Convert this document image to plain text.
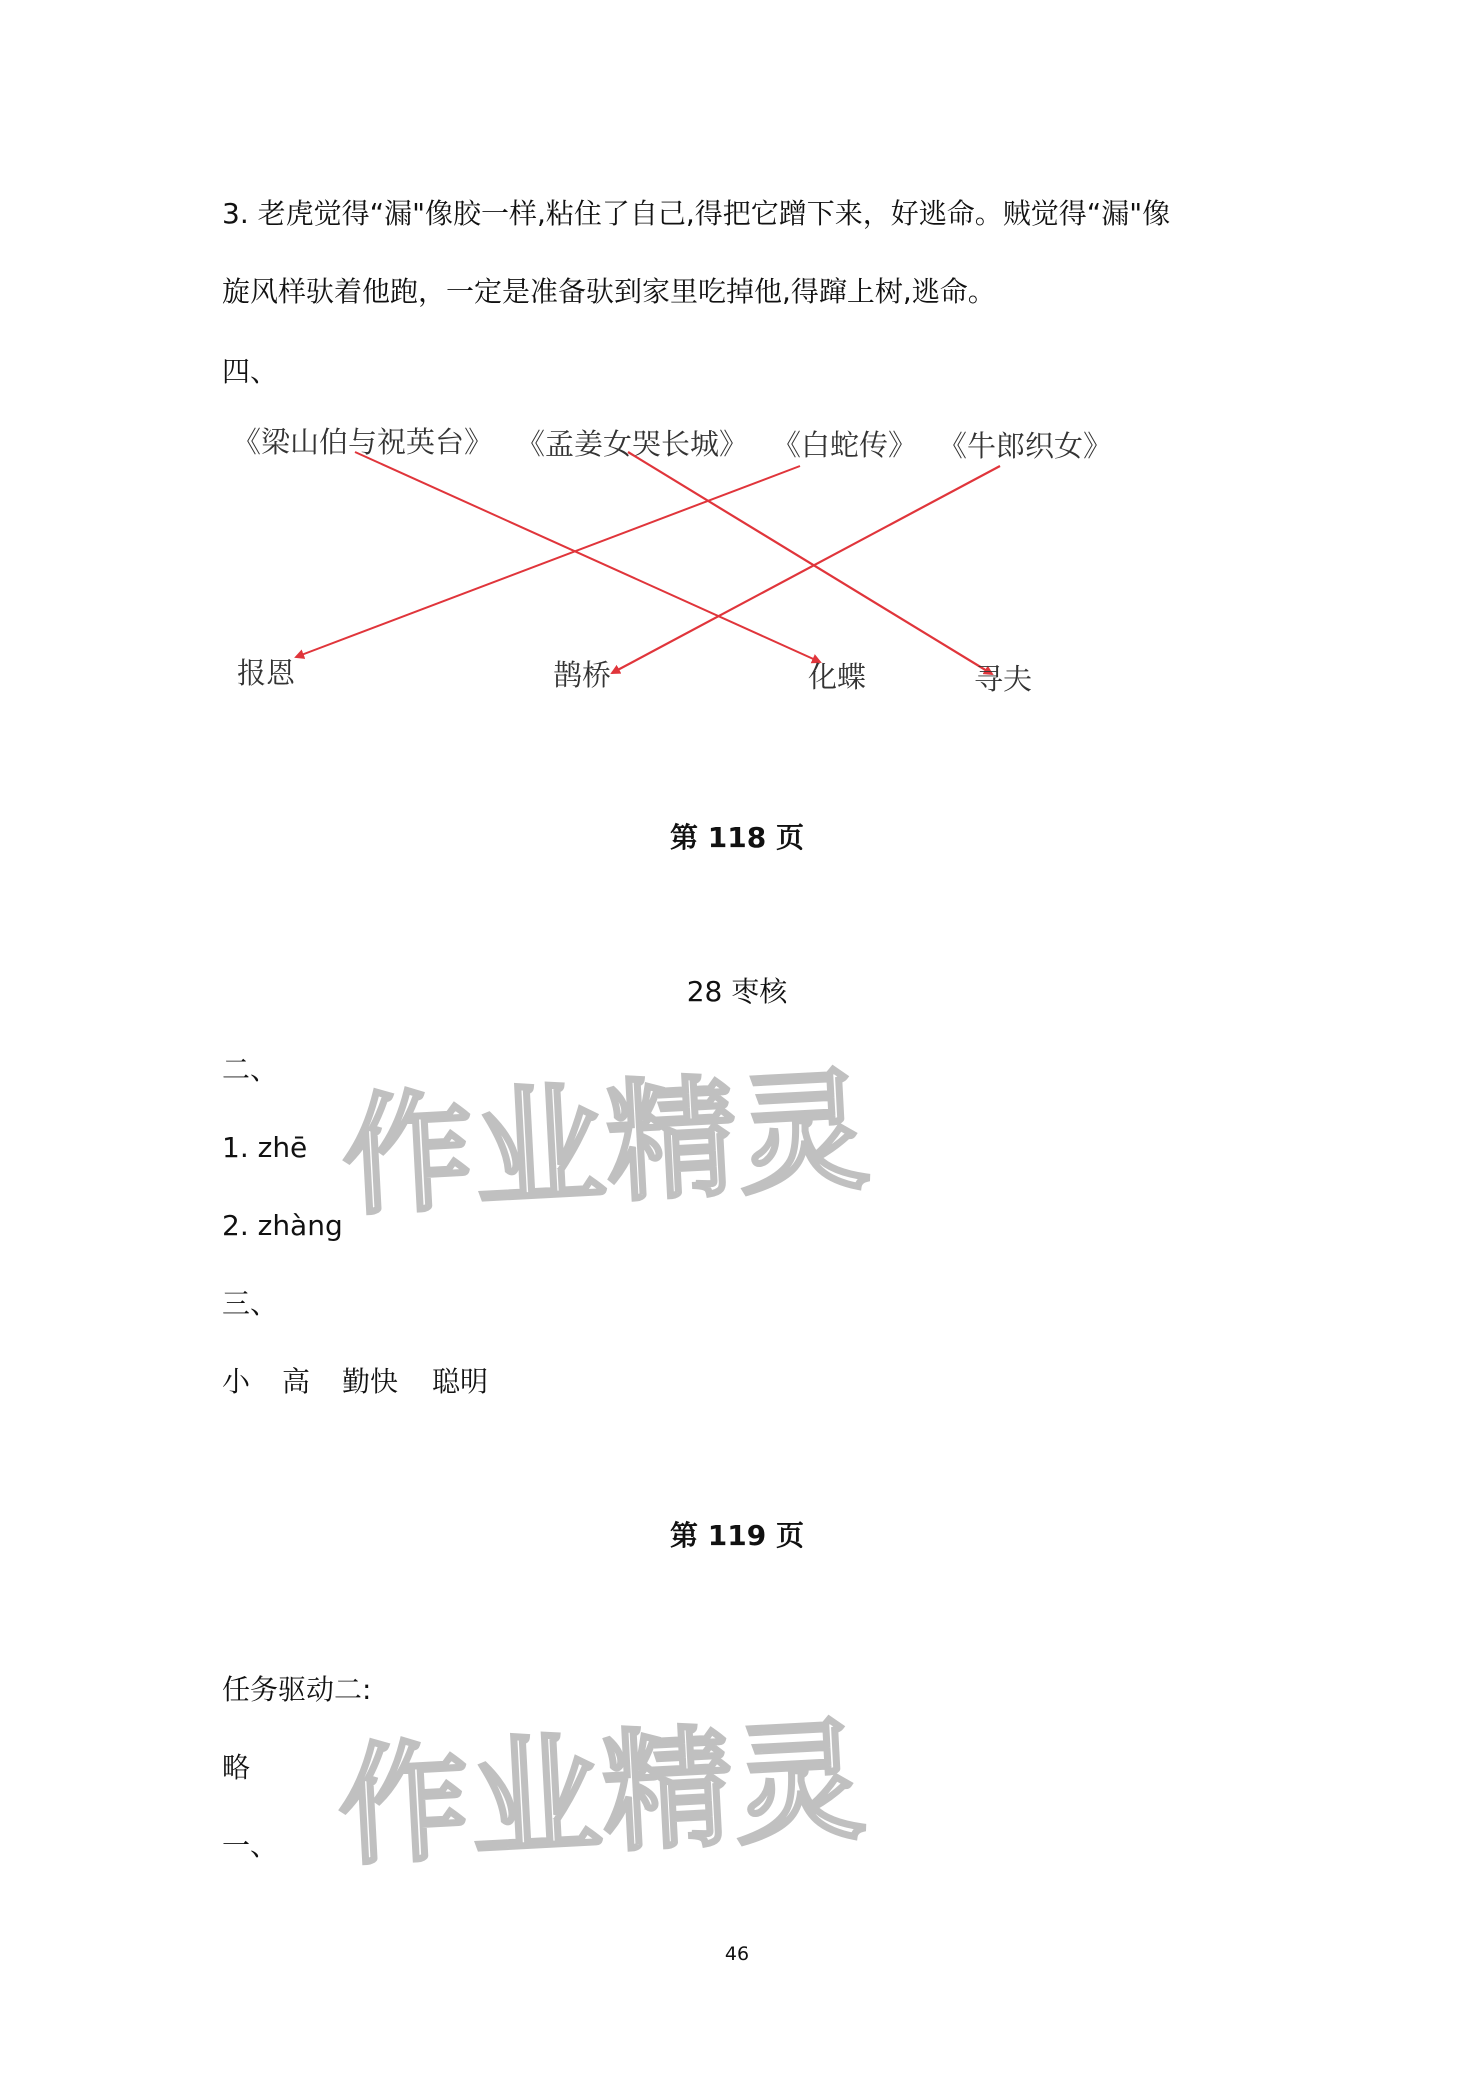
3. 老虎觉得“漏"像胶一样,粘住了自己,得把它蹭下来，好逃命。贼觉得“漏"像
旋风样驮着他跑，一定是准备驮到家里吃掉他,得蹿上树,逃命。
四、
《梁山伯与祝英台》 《孟姜女哭长城》 《白蛇传》 《牛郎织女》
报恩	鹊桥	化蝶	寻夫
第 118 页
28 枣核
二、
1. zhē
2. zhàng
三、
小 高 勤快 聪明
第 119 页
任务驱动二:
略
一、
作业精灵
作业精灵
46
